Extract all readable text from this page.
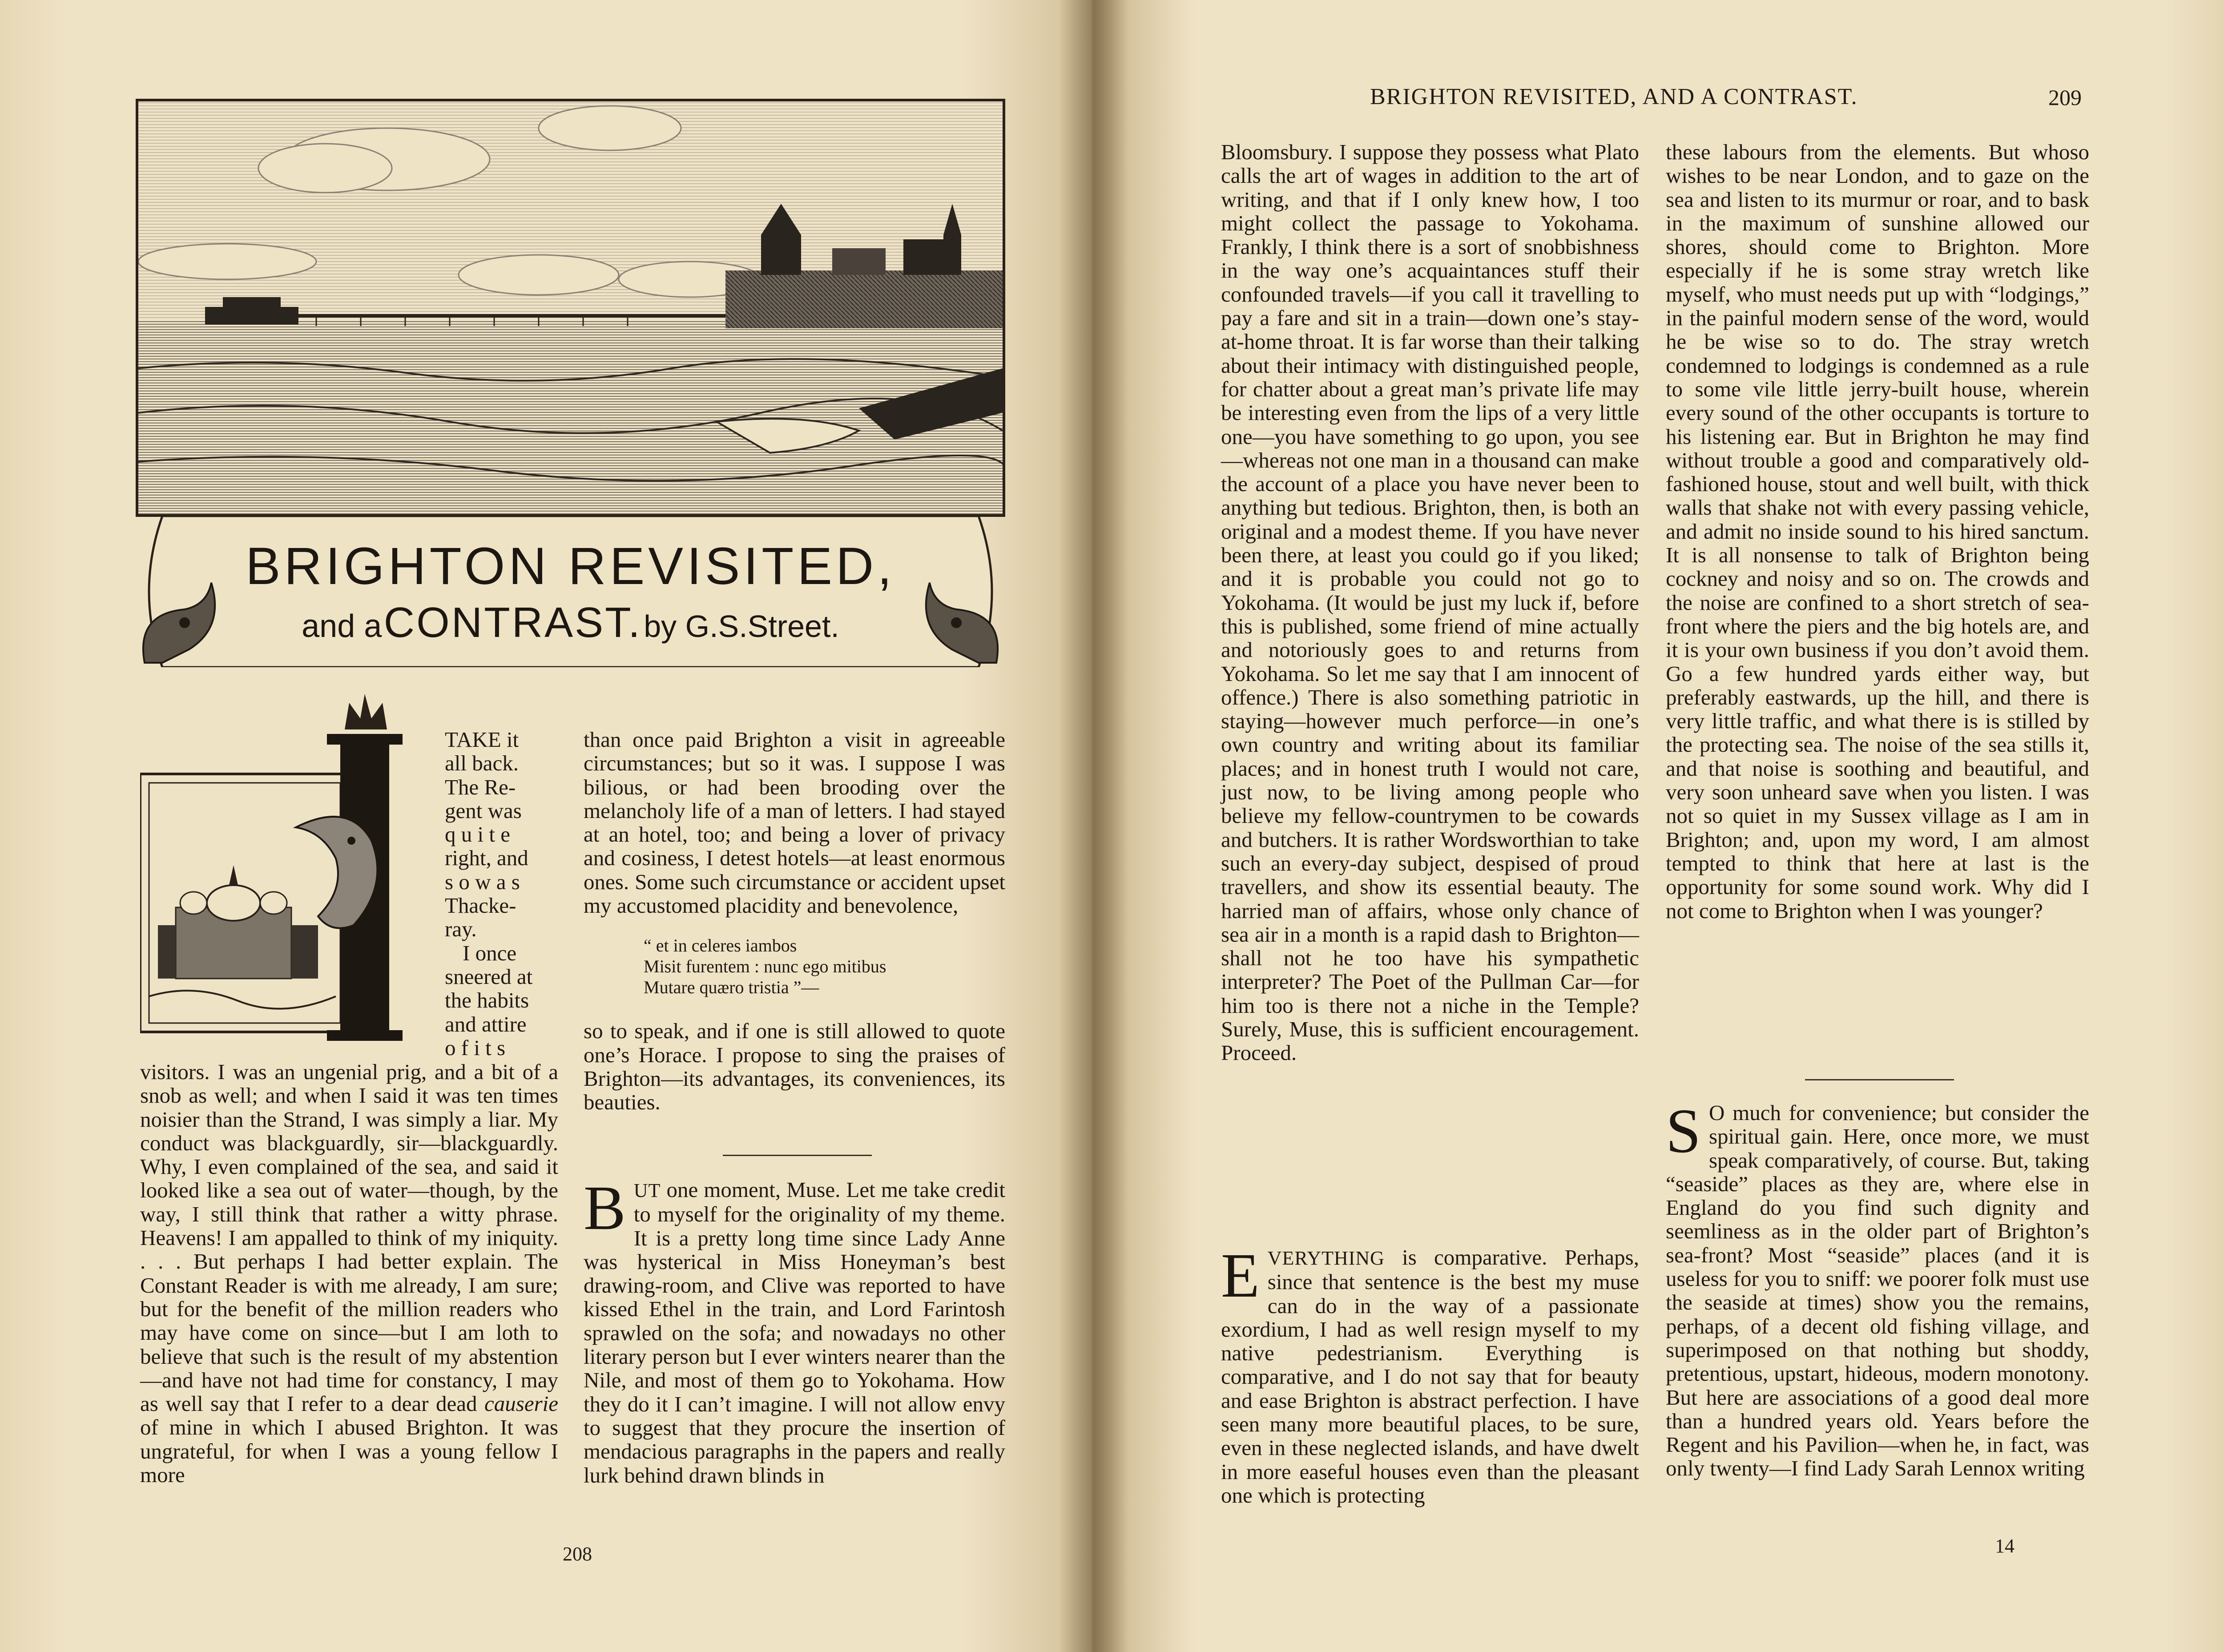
BRIGHTON REVISITED,
and a CONTRAST. by G.S.Street.
TAKE it
all back.
The Re-
gent was
q u i t e
right, and
s o w a s
Thacke-
ray.
I once
sneered at
the habits
and attire
o f i t s

visitors. I was an ungenial prig, and a bit of a snob as well; and when I said it was ten times noisier than the Strand, I was simply a liar. My conduct was blackguardly, sir—blackguardly. Why, I even complained of the sea, and said it looked like a sea out of water—though, by the way, I still think that rather a witty phrase. Heavens! I am appalled to think of my iniquity. . . . But perhaps I had better explain. The Constant Reader is with me already, I am sure; but for the benefit of the million readers who may have come on since—but I am loth to believe that such is the result of my abstention—and have not had time for constancy, I may as well say that I refer to a dear dead causerie of mine in which I abused Brighton. It was ungrateful, for when I was a young fellow I more

than once paid Brighton a visit in agreeable circumstances; but so it was. I suppose I was bilious, or had been brooding over the melancholy life of a man of letters. I had stayed at an hotel, too; and being a lover of privacy and cosiness, I detest hotels—at least enormous ones. Some such circumstance or accident upset my accustomed placidity and benevolence,

“ et in celeres iambos
Misit furentem : nunc ego mitibus
Mutare quæro tristia ”—

so to speak, and if one is still allowed to quote one’s Horace. I propose to sing the praises of Brighton—its advantages, its conveniences, its beauties.

BUT one moment, Muse. Let me take credit to myself for the originality of my theme. It is a pretty long time since Lady Anne was hysterical in Miss Honeyman’s best drawing-room, and Clive was reported to have kissed Ethel in the train, and Lord Farintosh sprawled on the sofa; and nowadays no other literary person but I ever winters nearer than the Nile, and most of them go to Yokohama. How they do it I can’t imagine. I will not allow envy to suggest that they procure the insertion of mendacious paragraphs in the papers and really lurk behind drawn blinds in

208
BRIGHTON REVISITED, AND A CONTRAST.	209

Bloomsbury. I suppose they possess what Plato calls the art of wages in addition to the art of writing, and that if I only knew how, I too might collect the passage to Yokohama. Frankly, I think there is a sort of snobbishness in the way one’s acquaintances stuff their confounded travels—if you call it travelling to pay a fare and sit in a train—down one’s stay-at-home throat. It is far worse than their talking about their intimacy with distinguished people, for chatter about a great man’s private life may be interesting even from the lips of a very little one—you have something to go upon, you see—whereas not one man in a thousand can make the account of a place you have never been to anything but tedious. Brighton, then, is both an original and a modest theme. If you have never been there, at least you could go if you liked; and it is probable you could not go to Yokohama. (It would be just my luck if, before this is published, some friend of mine actually and notoriously goes to and returns from Yokohama. So let me say that I am innocent of offence.) There is also something patriotic in staying—however much perforce—in one’s own country and writing about its familiar places; and in honest truth I would not care, just now, to be living among people who believe my fellow-countrymen to be cowards and butchers. It is rather Wordsworthian to take such an every-day subject, despised of proud travellers, and show its essential beauty. The harried man of affairs, whose only chance of sea air in a month is a rapid dash to Brighton—shall not he too have his sympathetic interpreter? The Poet of the Pullman Car—for him too is there not a niche in the Temple? Surely, Muse, this is sufficient encouragement. Proceed.

EVERYTHING is comparative. Perhaps, since that sentence is the best my muse can do in the way of a passionate exordium, I had as well resign myself to my native pedestrianism. Everything is comparative, and I do not say that for beauty and ease Brighton is abstract perfection. I have seen many more beautiful places, to be sure, even in these neglected islands, and have dwelt in more easeful houses even than the pleasant one which is protecting

these labours from the elements. But whoso wishes to be near London, and to gaze on the sea and listen to its murmur or roar, and to bask in the maximum of sunshine allowed our shores, should come to Brighton. More especially if he is some stray wretch like myself, who must needs put up with “lodgings,” in the painful modern sense of the word, would he be wise so to do. The stray wretch condemned to lodgings is condemned as a rule to some vile little jerry-built house, wherein every sound of the other occupants is torture to his listening ear. But in Brighton he may find without trouble a good and comparatively old-fashioned house, stout and well built, with thick walls that shake not with every passing vehicle, and admit no inside sound to his hired sanctum. It is all nonsense to talk of Brighton being cockney and noisy and so on. The crowds and the noise are confined to a short stretch of sea-front where the piers and the big hotels are, and it is your own business if you don’t avoid them. Go a few hundred yards either way, but preferably eastwards, up the hill, and there is very little traffic, and what there is is stilled by the protecting sea. The noise of the sea stills it, and that noise is soothing and beautiful, and very soon unheard save when you listen. I was not so quiet in my Sussex village as I am in Brighton; and, upon my word, I am almost tempted to think that here at last is the opportunity for some sound work. Why did I not come to Brighton when I was younger?

S O much for convenience; but consider the spiritual gain. Here, once more, we must speak comparatively, of course. But, taking “seaside” places as they are, where else in England do you find such dignity and seemliness as in the older part of Brighton’s sea-front? Most “seaside” places (and it is useless for you to sniff: we poorer folk must use the seaside at times) show you the remains, perhaps, of a decent old fishing village, and superimposed on that nothing but shoddy, pretentious, upstart, hideous, modern monotony. But here are associations of a good deal more than a hundred years old. Years before the Regent and his Pavilion—when he, in fact, was only twenty—I find Lady Sarah Lennox writing

14
